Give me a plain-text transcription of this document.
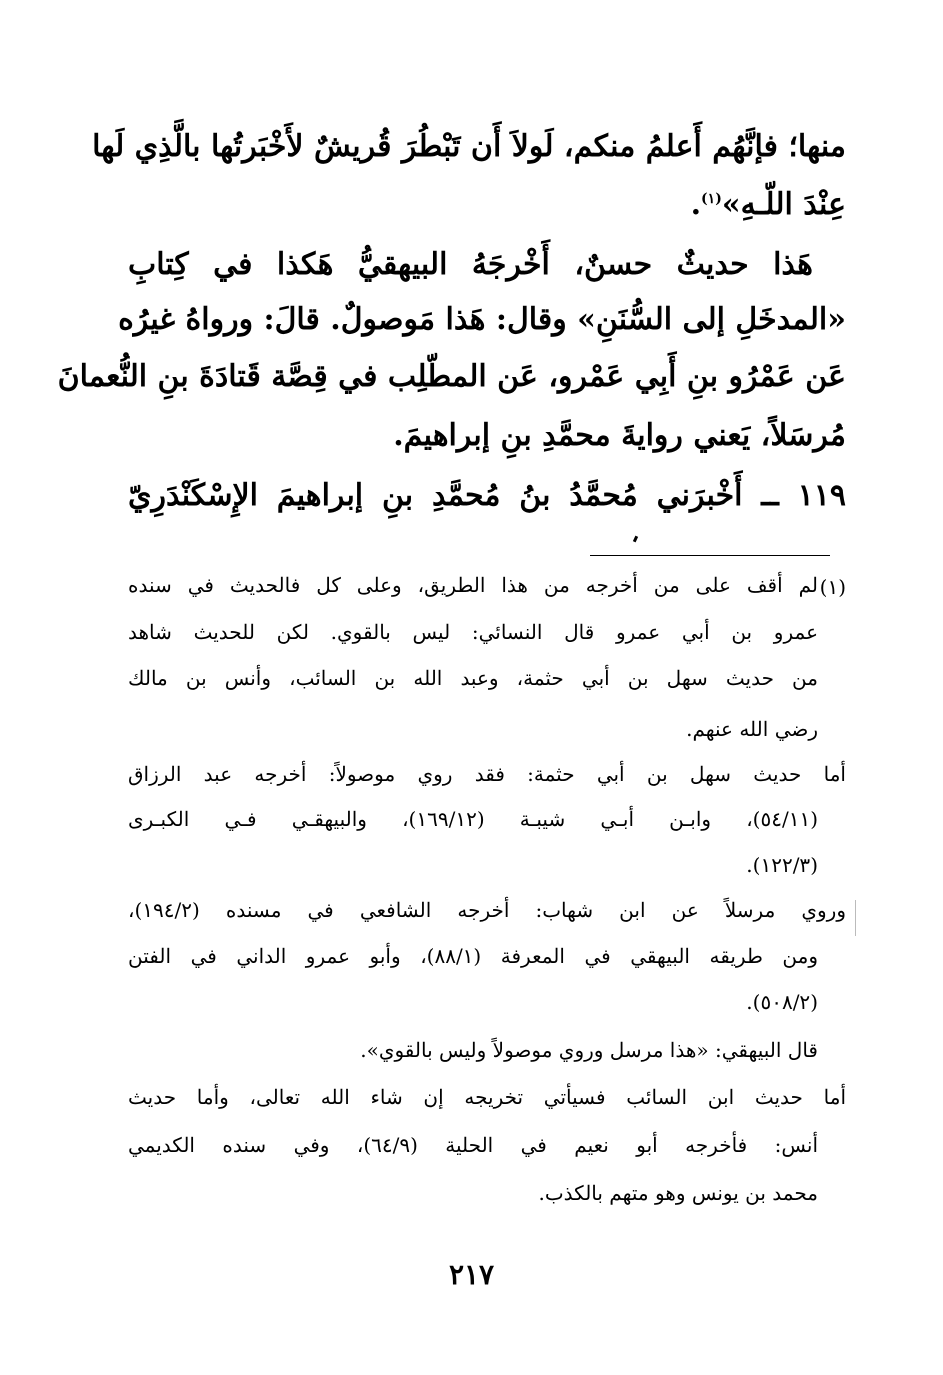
منها؛ فإنَّهُم أَعلمُ منكم، لَولاَ أَن تَبْطُرَ قُريشٌ لأَخْبَرتُها بالَّذِي لَها
عِنْدَ اللّـهِ»$^{(١)}$.
هَذا حديثٌ حسنٌ، أَخْرجَهُ البيهقيُّ هَكذا في كِتابِ
«المدخَلِ إلى السُّنَنِ» وقال: هَذا مَوصولٌ. قالَ: ورواهُ غيرُه
عَن عَمْرُو بنِ أَبِي عَمْرو، عَن المطّلِب في قِصَّة قَتادَةَ بنِ النُّعمانَ
مُرسَلاً، يَعني روايةَ محمَّدِ بنِ إبراهيمَ.
١١٩ ــ أَخْبرَني مُحمَّدُ بنُ مُحمَّدِ بنِ إبراهيمَ الإِسْكَنْدَرِيّ
(١)
لم أقف على من أخرجه من هذا الطريق، وعلى كل فالحديث في سنده
عمرو بن أبي عمرو قال النسائي: ليس بالقوي. لكن للحديث شاهد
من حديث سهل بن أبي حثمة، وعبد الله بن السائب، وأنس بن مالك
رضي الله عنهم.
أما حديث سهل بن أبي حثمة: فقد روي موصولاً: أخرجه عبد الرزاق
(٥٤/١١)، وابـن أبـي شيبـة (١٦٩/١٢)، والبيهقـي فـي الكبـرى
(١٢٢/٣).
وروي مرسلاً عن ابن شهاب: أخرجه الشافعي في مسنده (١٩٤/٢)،
ومن طريقه البيهقي في المعرفة (٨٨/١)، وأبو عمرو الداني في الفتن
(٥٠٨/٢).
قال البيهقي: «هذا مرسل وروي موصولاً وليس بالقوي».
أما حديث ابن السائب فسيأتي تخريجه إن شاء الله تعالى، وأما حديث
أنس: فأخرجه أبو نعيم في الحلية (٦٤/٩)، وفي سنده الكديمي
محمد بن يونس وهو متهم بالكذب.
٢١٧
